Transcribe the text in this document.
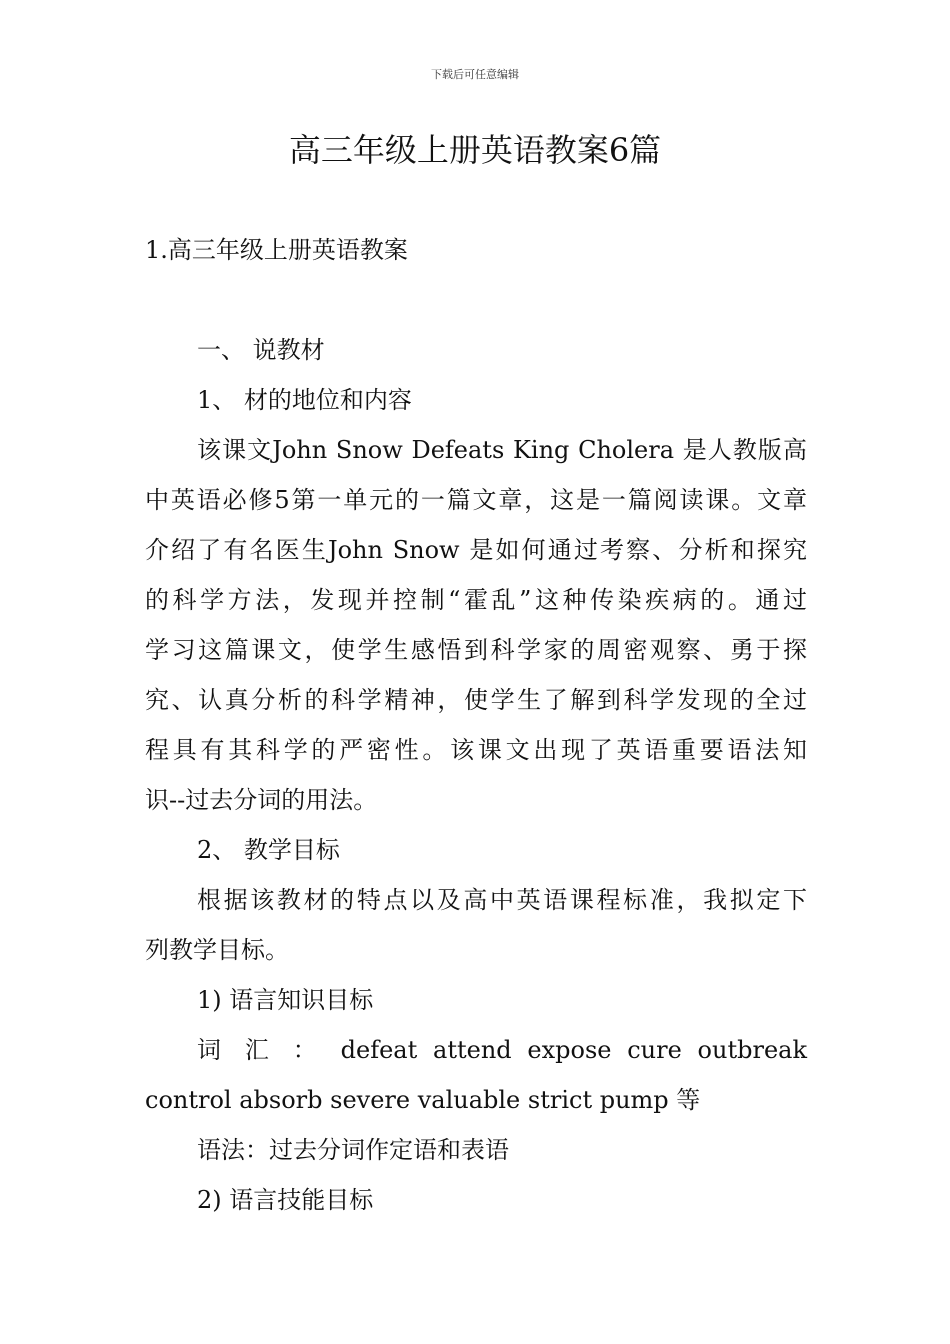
下载后可任意编辑
高三年级上册英语教案6篇
1.高三年级上册英语教案
一、 说教材
1、 材的地位和内容
该课文John Snow Defeats King Cholera 是人教版高
中英语必修5第一单元的一篇文章，这是一篇阅读课。文章
介绍了有名医生John Snow 是如何通过考察、分析和探究
的科学方法，发现并控制“霍乱”这种传染疾病的。通过
学习这篇课文，使学生感悟到科学家的周密观察、勇于探
究、认真分析的科学精神，使学生了解到科学发现的全过
程具有其科学的严密性。该课文出现了英语重要语法知
识--过去分词的用法。
2、 教学目标
根据该教材的特点以及高中英语课程标准，我拟定下
列教学目标。
1) 语言知识目标
词 汇 ： defeat attend expose cure outbreak
control absorb severe valuable strict pump 等
语法：过去分词作定语和表语
2) 语言技能目标
